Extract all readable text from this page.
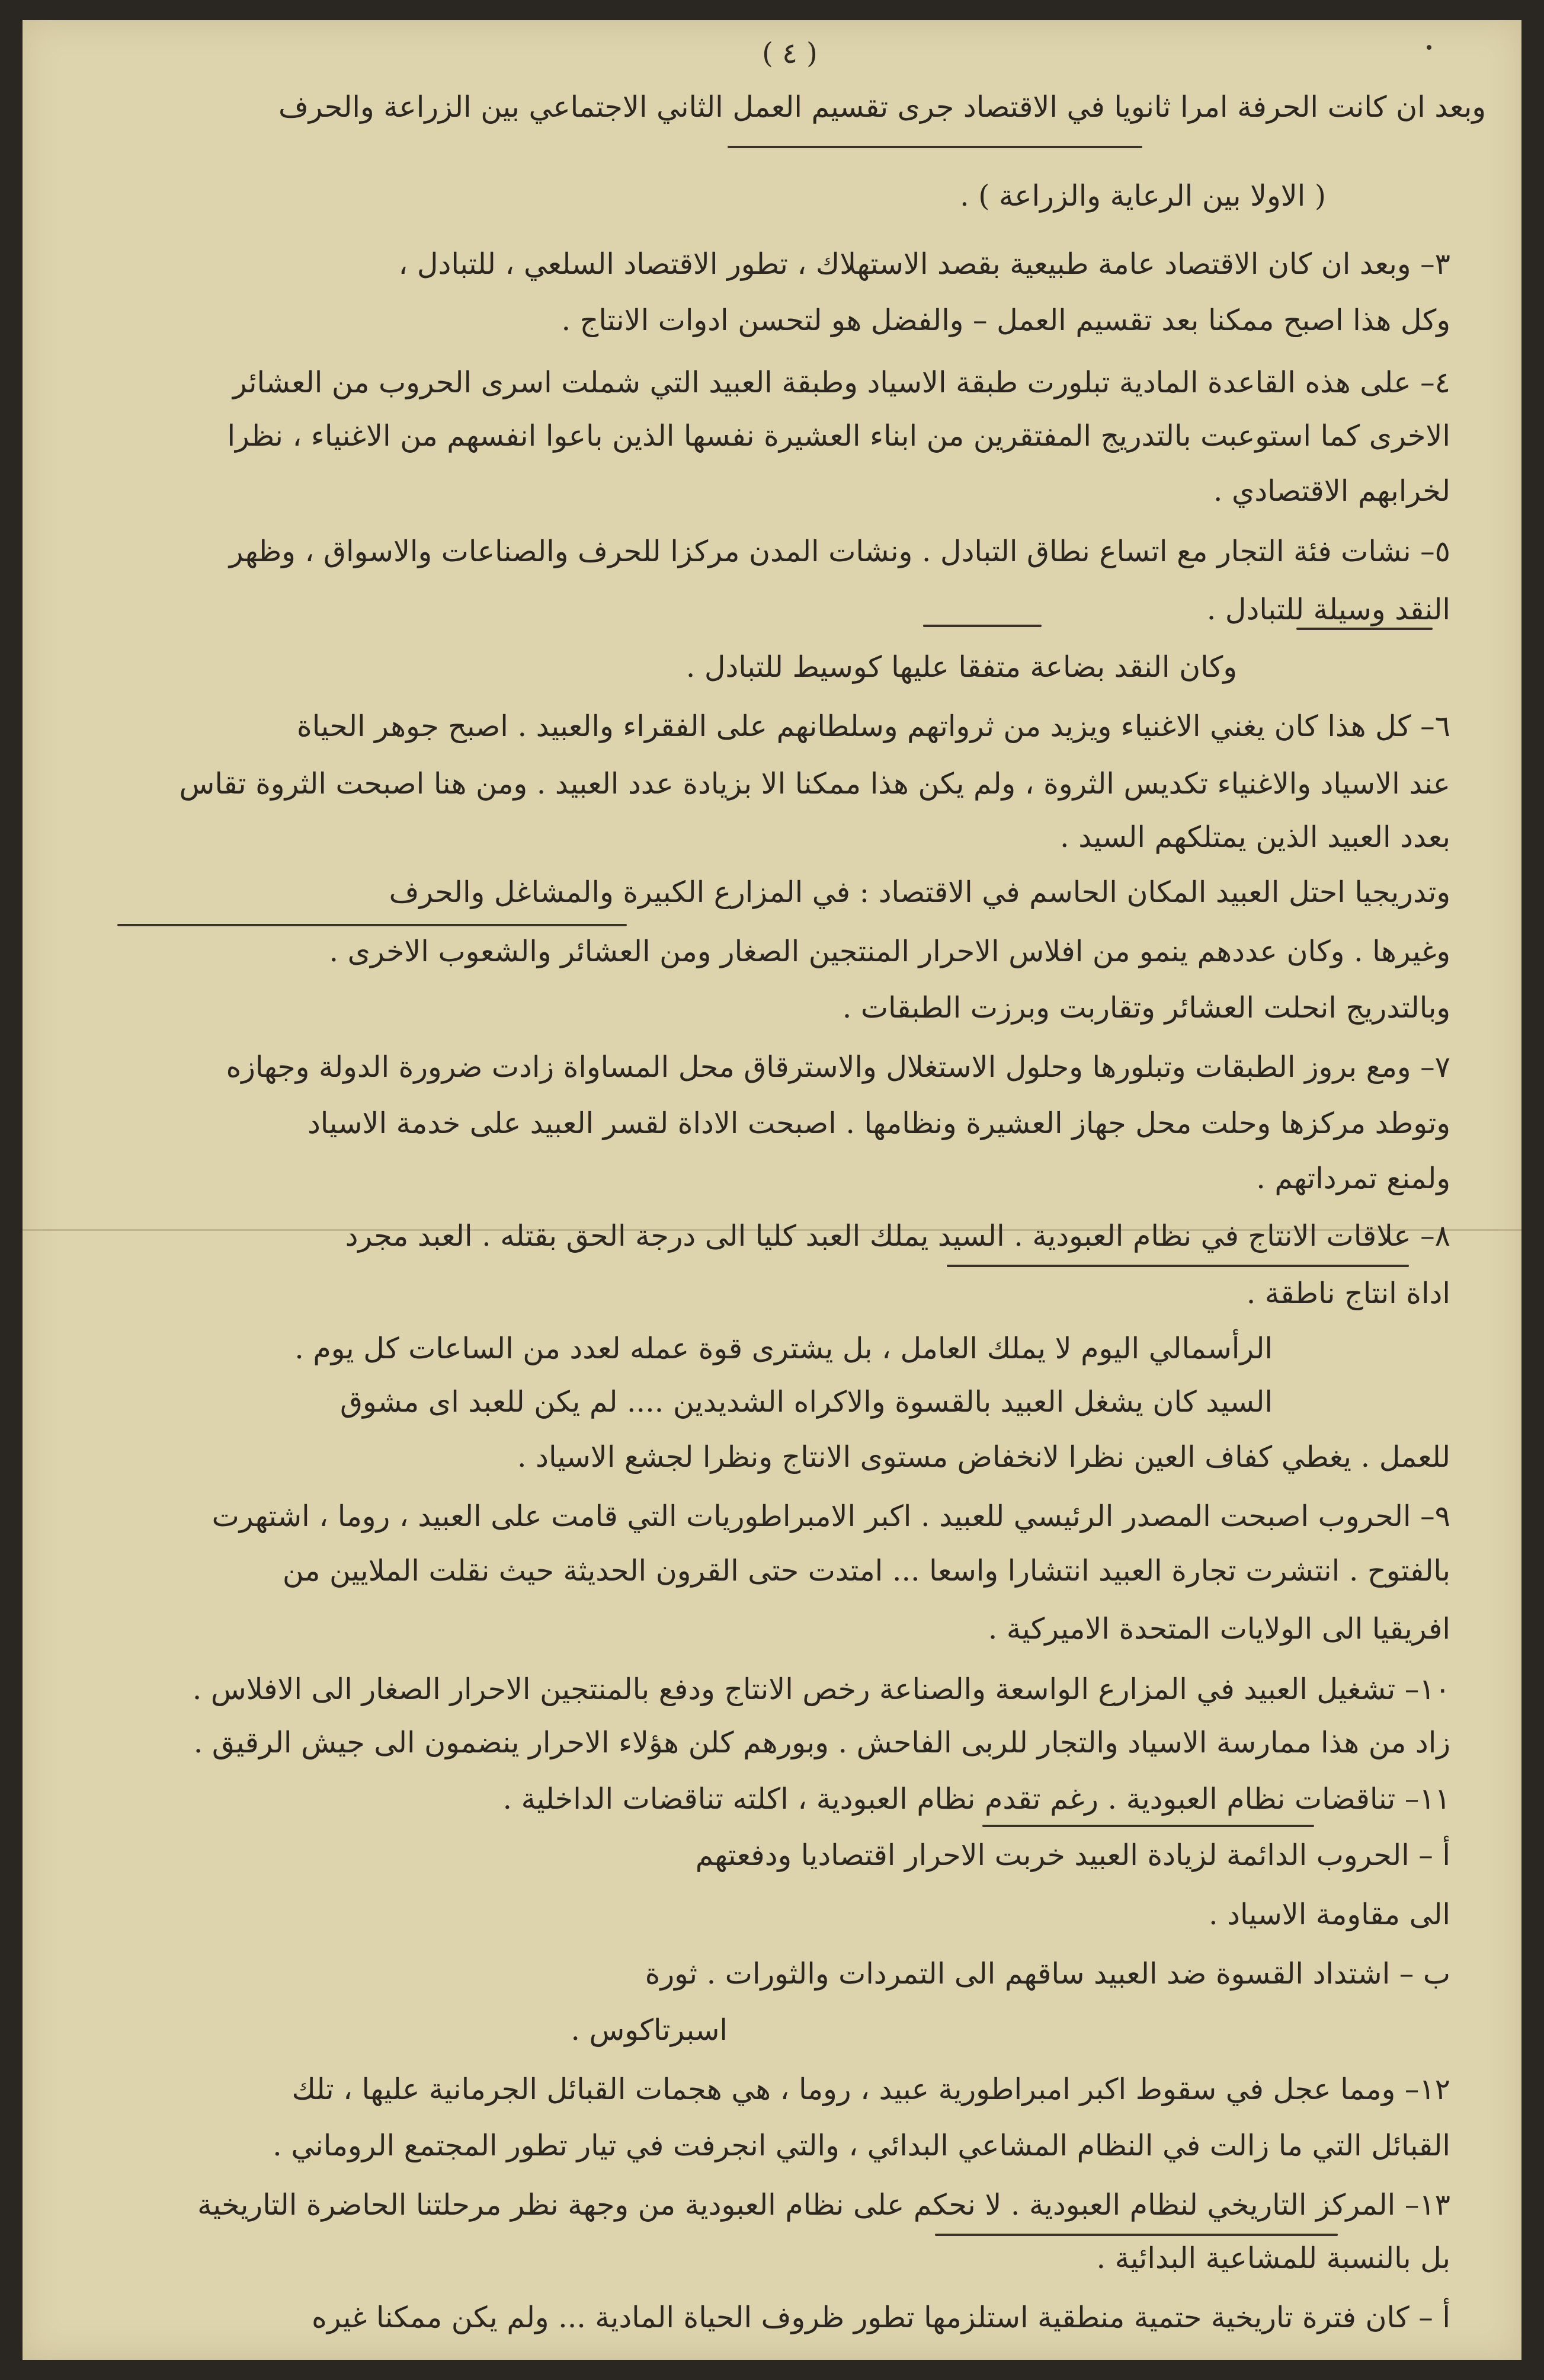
( ٤ )
وبعد ان كانت الحرفة امرا ثانويا في الاقتصاد جرى تقسيم العمل الثاني الاجتماعي بين الزراعة والحرف
( الاولا بين الرعاية والزراعة ) .
٣– وبعد ان كان الاقتصاد عامة طبيعية بقصد الاستهلاك ، تطور الاقتصاد السلعي ، للتبادل ،
وكل هذا اصبح ممكنا بعد تقسيم العمل – والفضل هو لتحسن ادوات الانتاج .
٤– على هذه القاعدة المادية تبلورت طبقة الاسياد وطبقة العبيد التي شملت اسرى الحروب من العشائر
الاخرى كما استوعبت بالتدريج المفتقرين من ابناء العشيرة نفسها الذين باعوا انفسهم من الاغنياء ، نظرا
لخرابهم الاقتصادي .
٥– نشات فئة التجار مع اتساع نطاق التبادل . ونشات المدن مركزا للحرف والصناعات والاسواق ، وظهر
النقد وسيلة للتبادل .
وكان النقد بضاعة متفقا عليها كوسيط للتبادل .
٦– كل هذا كان يغني الاغنياء ويزيد من ثرواتهم وسلطانهم على الفقراء والعبيد . اصبح جوهر الحياة
عند الاسياد والاغنياء تكديس الثروة ، ولم يكن هذا ممكنا الا بزيادة عدد العبيد . ومن هنا اصبحت الثروة تقاس
بعدد العبيد الذين يمتلكهم السيد .
وتدريجيا احتل العبيد المكان الحاسم في الاقتصاد : في المزارع الكبيرة والمشاغل والحرف
وغيرها . وكان عددهم ينمو من افلاس الاحرار المنتجين الصغار ومن العشائر والشعوب الاخرى .
وبالتدريج انحلت العشائر وتقاربت وبرزت الطبقات .
٧– ومع بروز الطبقات وتبلورها وحلول الاستغلال والاسترقاق محل المساواة زادت ضرورة الدولة وجهازه
وتوطد مركزها وحلت محل جهاز العشيرة ونظامها . اصبحت الاداة لقسر العبيد على خدمة الاسياد
ولمنع تمرداتهم .
٨– علاقات الانتاج في نظام العبودية . السيد يملك العبد كليا الى درجة الحق بقتله . العبد مجرد
اداة انتاج ناطقة .
الرأسمالي اليوم لا يملك العامل ، بل يشترى قوة عمله لعدد من الساعات كل يوم .
السيد كان يشغل العبيد بالقسوة والاكراه الشديدين .... لم يكن للعبد اى مشوق
للعمل . يغطي كفاف العين نظرا لانخفاض مستوى الانتاج ونظرا لجشع الاسياد .
٩– الحروب اصبحت المصدر الرئيسي للعبيد . اكبر الامبراطوريات التي قامت على العبيد ، روما ، اشتهرت
بالفتوح . انتشرت تجارة العبيد انتشارا واسعا ... امتدت حتى القرون الحديثة حيث نقلت الملايين من
افريقيا الى الولايات المتحدة الاميركية .
١٠– تشغيل العبيد في المزارع الواسعة والصناعة رخص الانتاج ودفع بالمنتجين الاحرار الصغار الى الافلاس .
زاد من هذا ممارسة الاسياد والتجار للربى الفاحش . وبورهم كلن هؤلاء الاحرار ينضمون الى جيش الرقيق .
١١– تناقضات نظام العبودية . رغم تقدم نظام العبودية ، اكلته تناقضات الداخلية .
أ – الحروب الدائمة لزيادة العبيد خربت الاحرار اقتصاديا ودفعتهم
الى مقاومة الاسياد .
ب – اشتداد القسوة ضد العبيد ساقهم الى التمردات والثورات . ثورة
اسبرتاكوس .
١٢– ومما عجل في سقوط اكبر امبراطورية عبيد ، روما ، هي هجمات القبائل الجرمانية عليها ، تلك
القبائل التي ما زالت في النظام المشاعي البدائي ، والتي انجرفت في تيار تطور المجتمع الروماني .
١٣– المركز التاريخي لنظام العبودية . لا نحكم على نظام العبودية من وجهة نظر مرحلتنا الحاضرة التاريخية
بل بالنسبة للمشاعية البدائية .
أ – كان فترة تاريخية حتمية منطقية استلزمها تطور ظروف الحياة المادية ... ولم يكن ممكنا غيره
